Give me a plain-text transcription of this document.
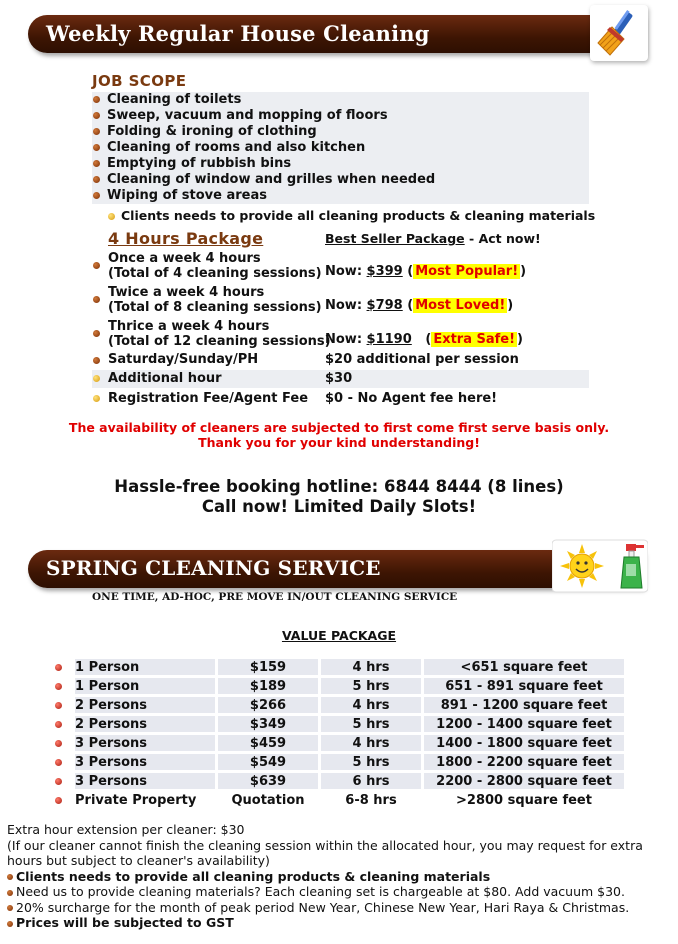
Weekly Regular House Cleaning
JOB SCOPE
Cleaning of toilets
Sweep, vacuum and mopping of floors
Folding & ironing of clothing
Cleaning of rooms and also kitchen
Emptying of rubbish bins
Cleaning of window and grilles when needed
Wiping of stove areas
Clients needs to provide all cleaning products & cleaning materials
4 Hours Package	Best Seller Package - Act now!
Once a week 4 hours
(Total of 4 cleaning sessions) Now: $399 ( Most Popular! )
Twice a week 4 hours
(Total of 8 cleaning sessions) Now: $798 ( Most Loved! )
Thrice a week 4 hours
(Total of 12 cleaning sessions)
Now: $1190   ( Extra Safe! )
Saturday/Sunday/PH	$20 additional per session
Additional hour	$30
Registration Fee/Agent Fee $0 - No Agent fee here!
The availability of cleaners are subjected to first come first serve basis only.
Thank you for your kind understanding!
Hassle-free booking hotline: 6844 8444 (8 lines)
Call now! Limited Daily Slots!
SPRING CLEANING SERVICE
ONE TIME, AD-HOC, PRE MOVE IN/OUT CLEANING SERVICE
VALUE PACKAGE
	1 Person		$159		4 hrs		<651 square feet
	1 Person		$189		5 hrs		651 - 891 square feet
	2 Persons		$266		4 hrs		891 - 1200 square feet
	2 Persons		$349		5 hrs		1200 - 1400 square feet
	3 Persons		$459		4 hrs		1400 - 1800 square feet
	3 Persons		$549		5 hrs		1800 - 2200 square feet
	3 Persons		$639		6 hrs		2200 - 2800 square feet
	Private Property		Quotation		6-8 hrs		>2800 square feet
Extra hour extension per cleaner: $30
(If our cleaner cannot finish the cleaning session within the allocated hour, you may request for extra hours but subject to cleaner's availability)
Clients needs to provide all cleaning products & cleaning materials
Need us to provide cleaning materials? Each cleaning set is chargeable at $80. Add vacuum $30.
20% surcharge for the month of peak period New Year, Chinese New Year, Hari Raya & Christmas.
Prices will be subjected to GST
